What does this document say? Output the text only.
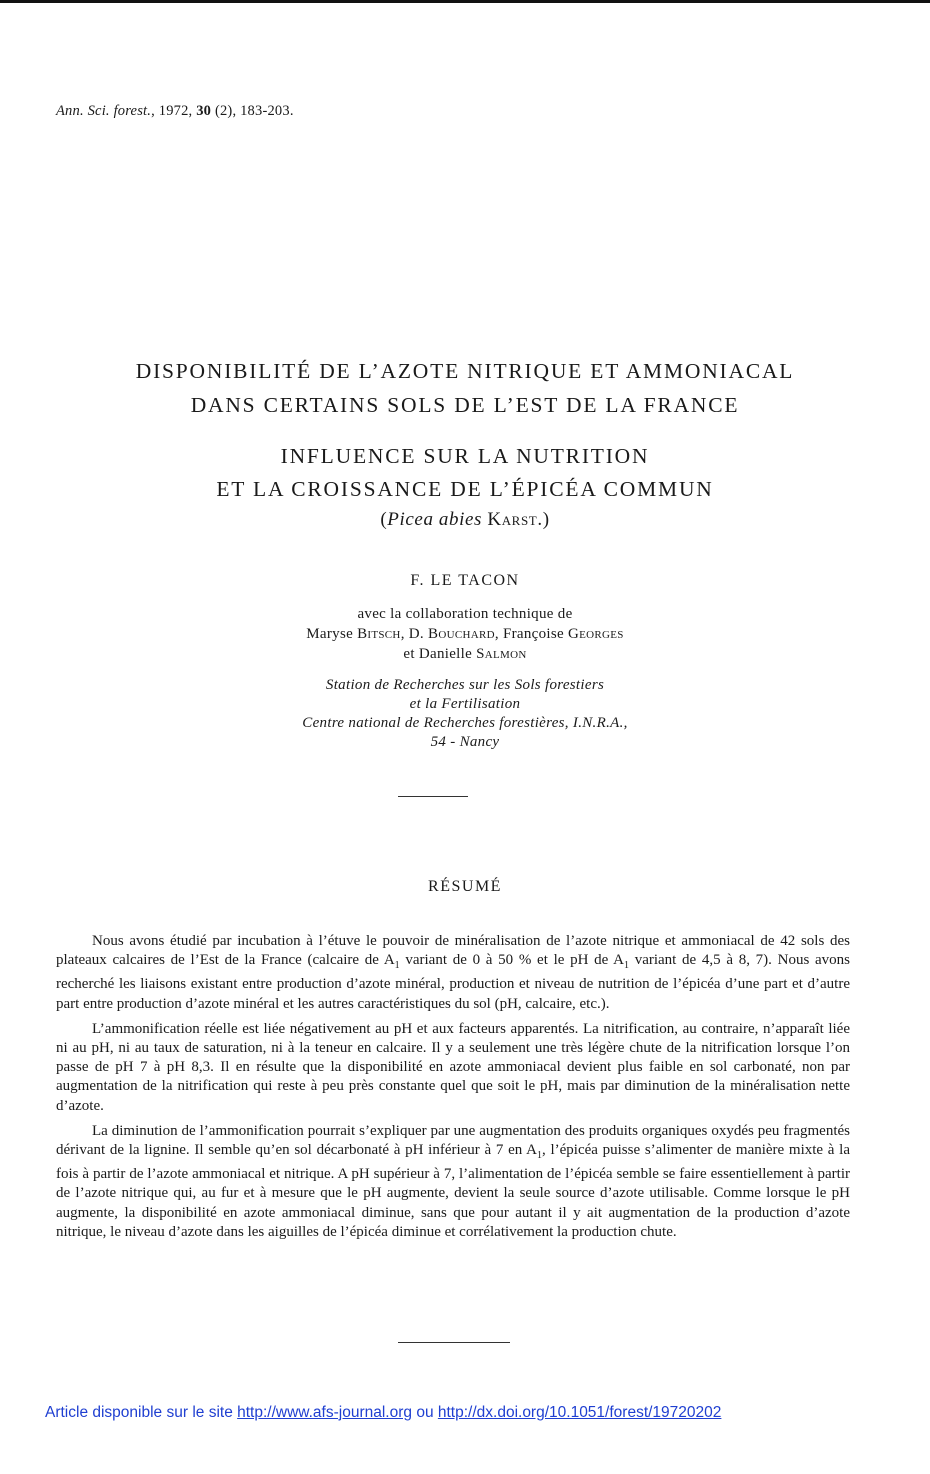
Ann. Sci. forest., 1972, 30 (2), 183-203.
DISPONIBILITÉ DE L’AZOTE NITRIQUE ET AMMONIACAL
DANS CERTAINS SOLS DE L’EST DE LA FRANCE
INFLUENCE SUR LA NUTRITION
ET LA CROISSANCE DE L’ÉPICÉA COMMUN
(Picea abies Karst.)
F. LE TACON
avec la collaboration technique de
Maryse Bitsch, D. Bouchard, Françoise Georges
et Danielle Salmon
Station de Recherches sur les Sols forestiers
et la Fertilisation
Centre national de Recherches forestières, I.N.R.A.,
54 - Nancy
RÉSUMÉ

Nous avons étudié par incubation à l’étuve le pouvoir de minéralisation de l’azote nitrique et ammoniacal de 42 sols des plateaux calcaires de l’Est de la France (calcaire de $A_1$ variant de 0 à 50 % et le pH de $A_1$ variant de 4,5 à 8, 7). Nous avons recherché les liaisons existant entre production d’azote minéral, production et niveau de nutrition de l’épicéa d’une part et d’autre part entre production d’azote minéral et les autres caractéristiques du sol (pH, calcaire, etc.).

L’ammonification réelle est liée négativement au pH et aux facteurs apparentés. La nitrification, au contraire, n’apparaît liée ni au pH, ni au taux de saturation, ni à la teneur en calcaire. Il y a seulement une très légère chute de la nitrification lorsque l’on passe de pH 7 à pH 8,3. Il en résulte que la disponibilité en azote ammoniacal devient plus faible en sol carbonaté, non par augmentation de la nitrification qui reste à peu près constante quel que soit le pH, mais par diminution de la minéralisation nette d’azote.

La diminution de l’ammonification pourrait s’expliquer par une augmentation des produits organiques oxydés peu fragmentés dérivant de la lignine. Il semble qu’en sol décarbonaté à pH inférieur à 7 en $A_1$, l’épicéa puisse s’alimenter de manière mixte à la fois à partir de l’azote ammoniacal et nitrique. A pH supérieur à 7, l’alimentation de l’épicéa semble se faire essentiellement à partir de l’azote nitrique qui, au fur et à mesure que le pH augmente, devient la seule source d’azote utilisable. Comme lorsque le pH augmente, la disponibilité en azote ammoniacal diminue, sans que pour autant il y ait augmentation de la production d’azote nitrique, le niveau d’azote dans les aiguilles de l’épicéa diminue et corrélativement la production chute.

Article disponible sur le site http://www.afs-journal.org ou http://dx.doi.org/10.1051/forest/19720202
